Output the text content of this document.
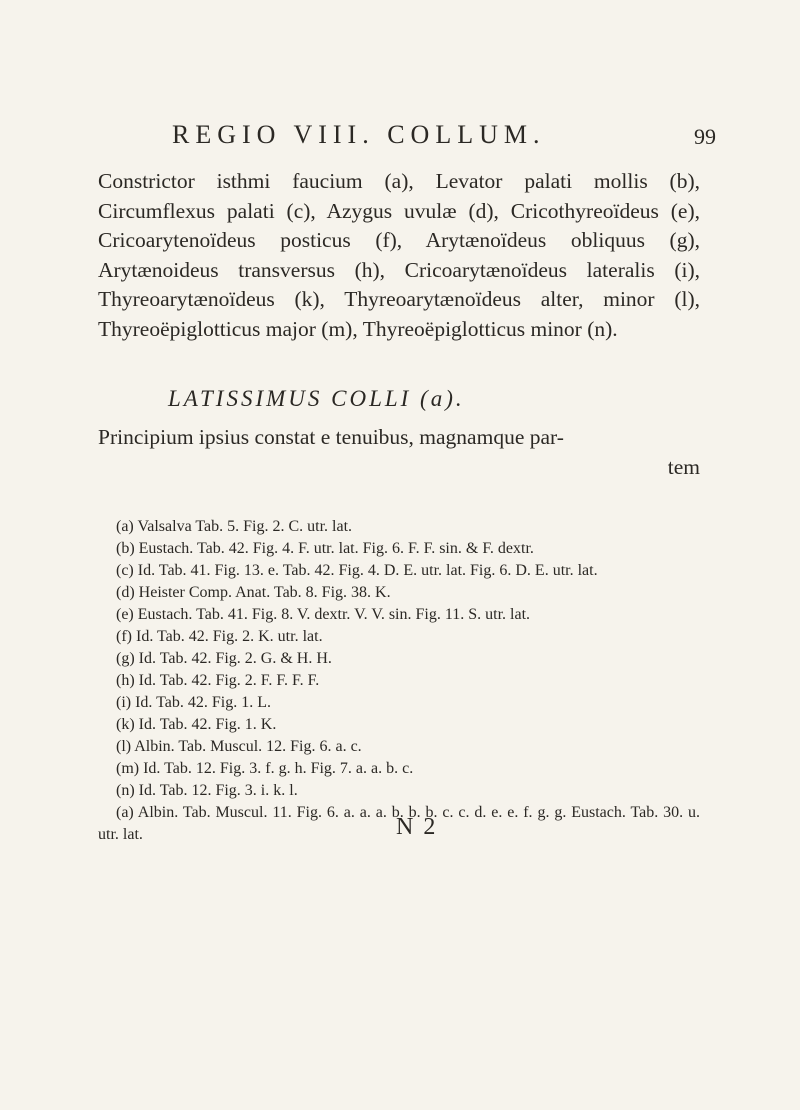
REGIO VIII. COLLUM.	99
Constrictor isthmi faucium (a), Levator palati mollis (b), Circumflexus palati (c), Azygus uvulæ (d), Cricothyreoïdeus (e), Cricoarytenoïdeus posticus (f), Arytænoïdeus obliquus (g), Arytænoideus transversus (h), Cricoarytænoïdeus lateralis (i), Thyreoarytænoïdeus (k), Thyreoarytænoïdeus alter, minor (l), Thyreoëpiglotticus major (m), Thyreoëpiglotticus minor (n).
LATISSIMUS COLLI (a).
Principium ipsius constat e tenuibus, magnamque par-
tem

(a) Valsalva Tab. 5. Fig. 2. C. utr. lat.

(b) Eustach. Tab. 42. Fig. 4. F. utr. lat. Fig. 6. F. F. sin. & F. dextr.

(c) Id. Tab. 41. Fig. 13. e. Tab. 42. Fig. 4. D. E. utr. lat. Fig. 6. D. E. utr. lat.

(d) Heister Comp. Anat. Tab. 8. Fig. 38. K.

(e) Eustach. Tab. 41. Fig. 8. V. dextr. V. V. sin. Fig. 11. S. utr. lat.

(f) Id. Tab. 42. Fig. 2. K. utr. lat.

(g) Id. Tab. 42. Fig. 2. G. & H. H.

(h) Id. Tab. 42. Fig. 2. F. F. F. F.

(i) Id. Tab. 42. Fig. 1. L.

(k) Id. Tab. 42. Fig. 1. K.

(l) Albin. Tab. Muscul. 12. Fig. 6. a. c.

(m) Id. Tab. 12. Fig. 3. f. g. h. Fig. 7. a. a. b. c.

(n) Id. Tab. 12. Fig. 3. i. k. l.

(a) Albin. Tab. Muscul. 11. Fig. 6. a. a. a. b. b. b. c. c. d. e. e. f. g. g. Eustach. Tab. 30. u. utr. lat.	N 2
